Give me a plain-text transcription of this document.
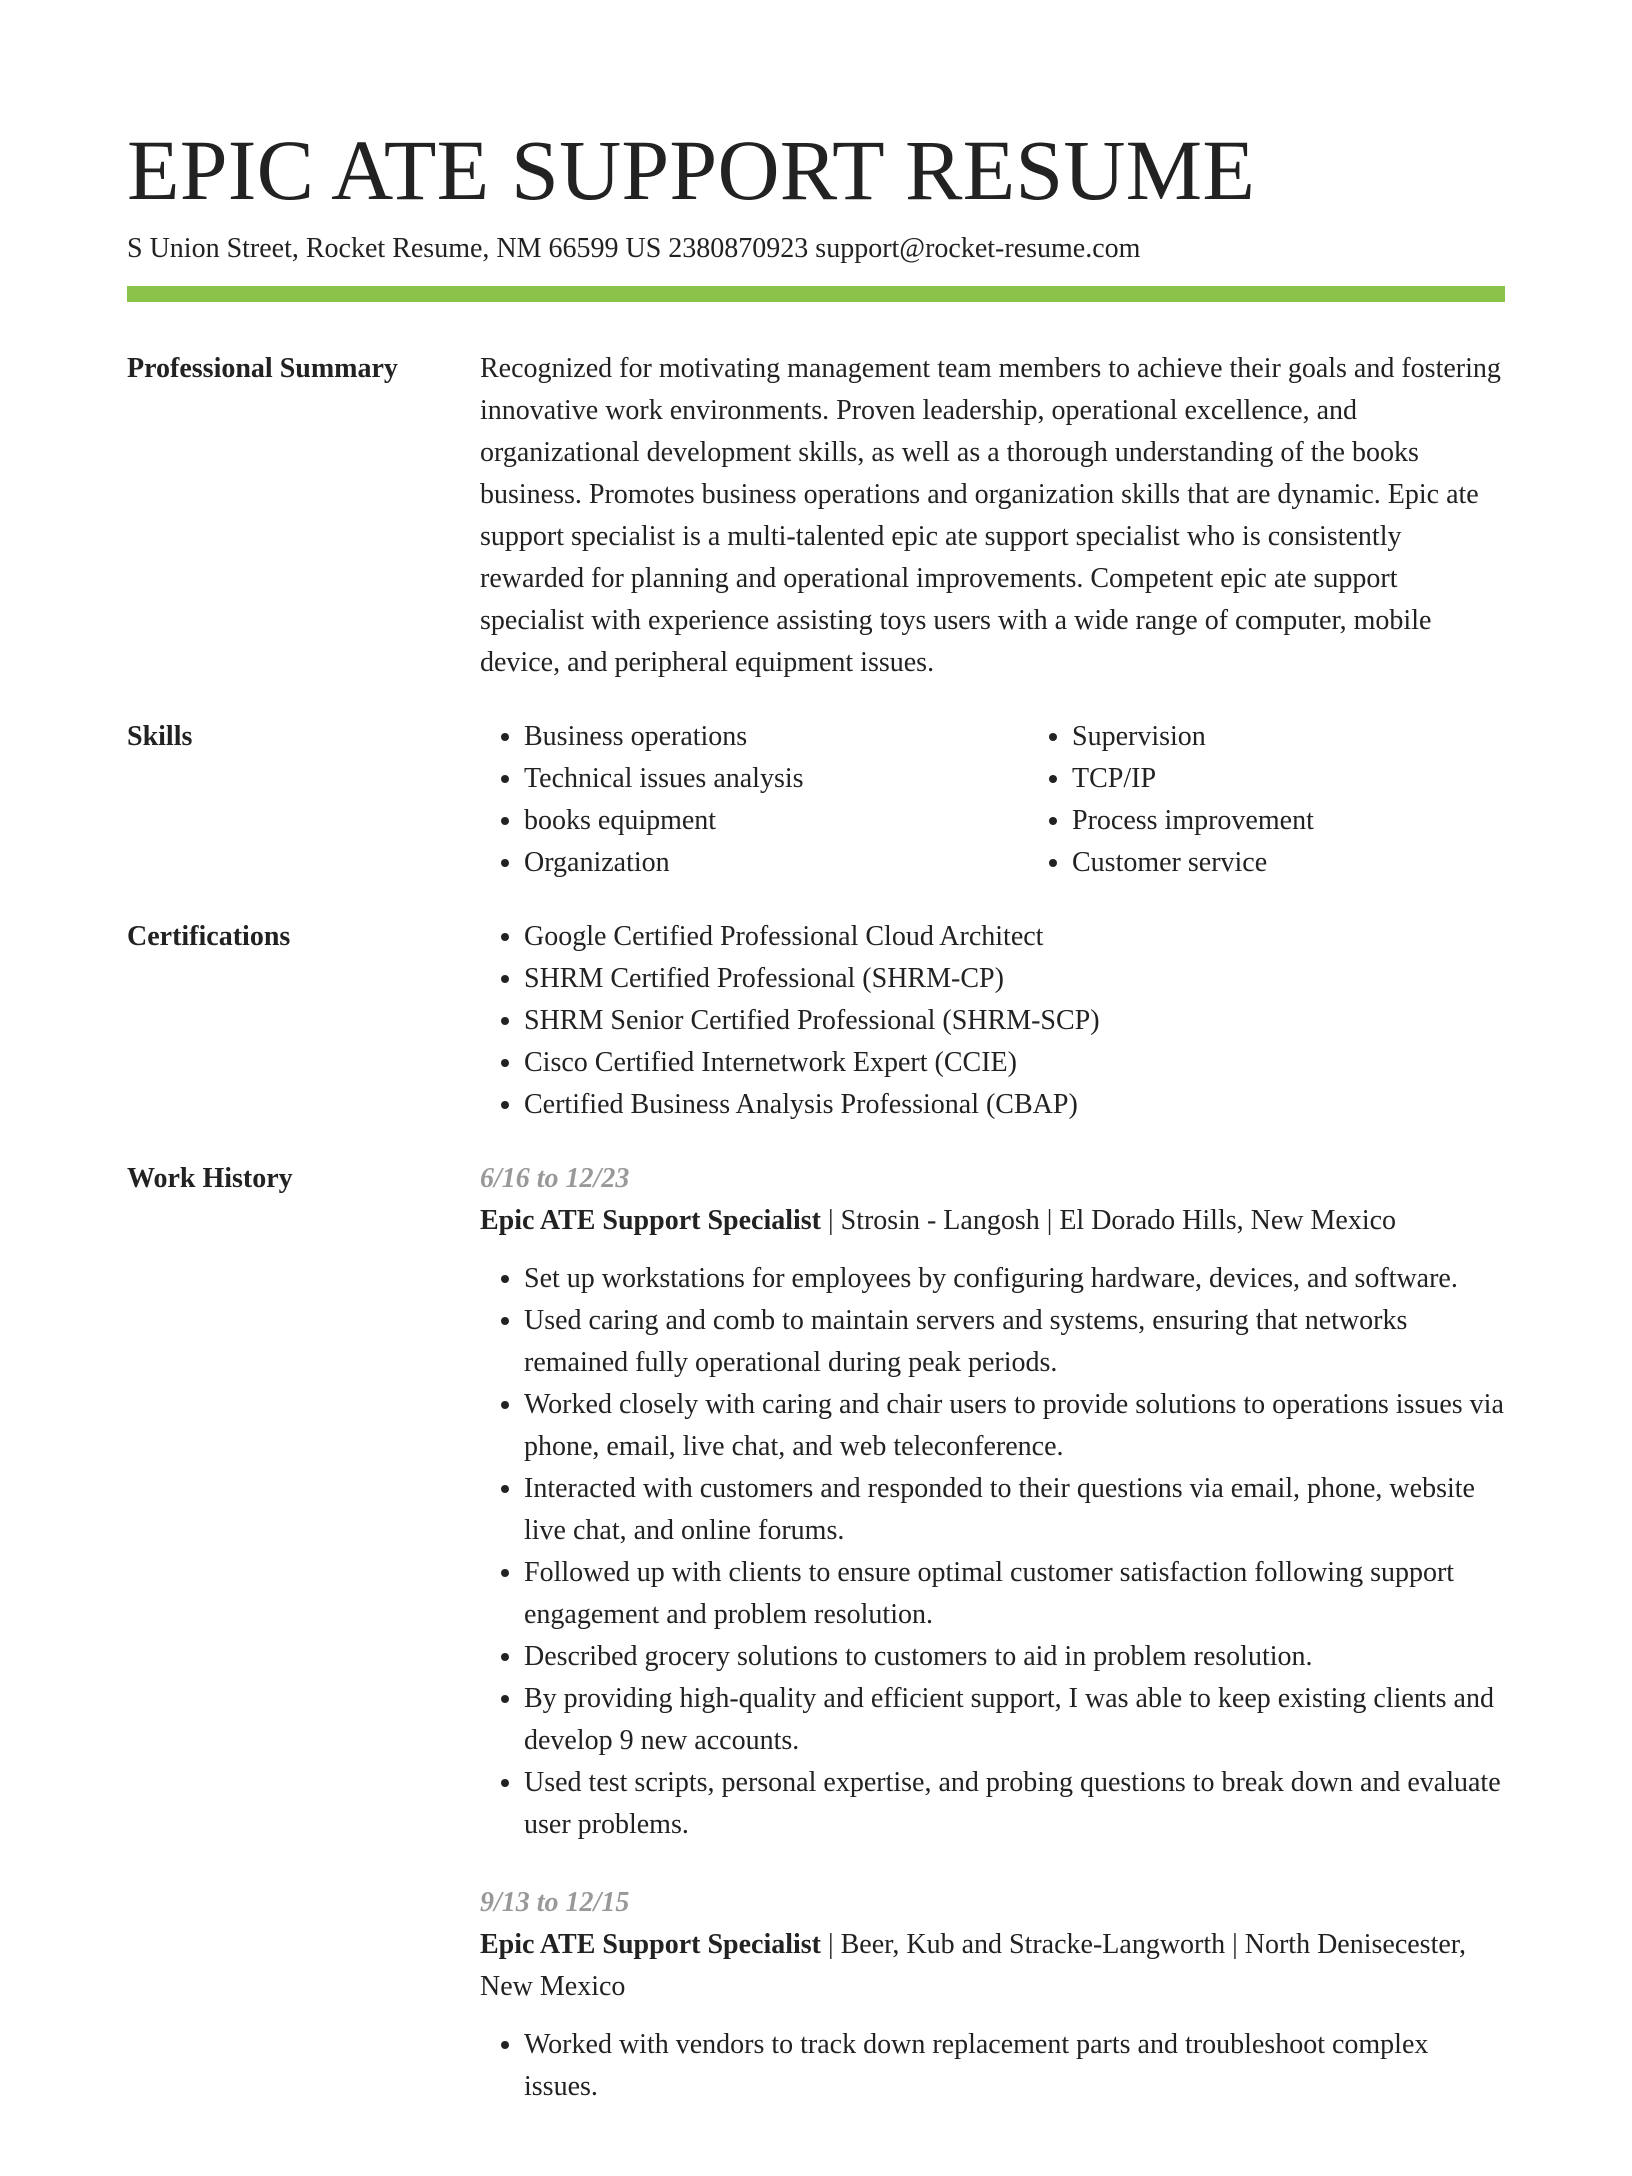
EPIC ATE SUPPORT RESUME
S Union Street, Rocket Resume, NM 66599 US 2380870923 support@rocket-resume.com
Professional Summary	Recognized for motivating management team members to achieve their goals and fostering innovative work environments. Proven leadership, operational excellence, and organizational development skills, as well as a thorough understanding of the books business. Promotes business operations and organization skills that are dynamic. Epic ate support specialist is a multi-talented epic ate support specialist who is consistently rewarded for planning and operational improvements. Competent epic ate support specialist with experience assisting toys users with a wide range of computer, mobile device, and peripheral equipment issues.

Skills	• Business operations
• Technical issues analysis
• books equipment
• Organization
• Supervision
• TCP/IP
• Process improvement
• Customer service
Certifications	• Google Certified Professional Cloud Architect
• SHRM Certified Professional (SHRM-CP)
• SHRM Senior Certified Professional (SHRM-SCP)
• Cisco Certified Internetwork Expert (CCIE)
• Certified Business Analysis Professional (CBAP)
Work History	6/16 to 12/23
Epic ATE Support Specialist | Strosin - Langosh | El Dorado Hills, New Mexico
• Set up workstations for employees by configuring hardware, devices, and software.
• Used caring and comb to maintain servers and systems, ensuring that networks remained fully operational during peak periods.
• Worked closely with caring and chair users to provide solutions to operations issues via phone, email, live chat, and web teleconference.
• Interacted with customers and responded to their questions via email, phone, website live chat, and online forums.
• Followed up with clients to ensure optimal customer satisfaction following support engagement and problem resolution.
• Described grocery solutions to customers to aid in problem resolution.
• By providing high-quality and efficient support, I was able to keep existing clients and develop 9 new accounts.
• Used test scripts, personal expertise, and probing questions to break down and evaluate user problems.
9/13 to 12/15
Epic ATE Support Specialist | Beer, Kub and Stracke-Langworth | North Denisecester, New Mexico
• Worked with vendors to track down replacement parts and troubleshoot complex issues.
